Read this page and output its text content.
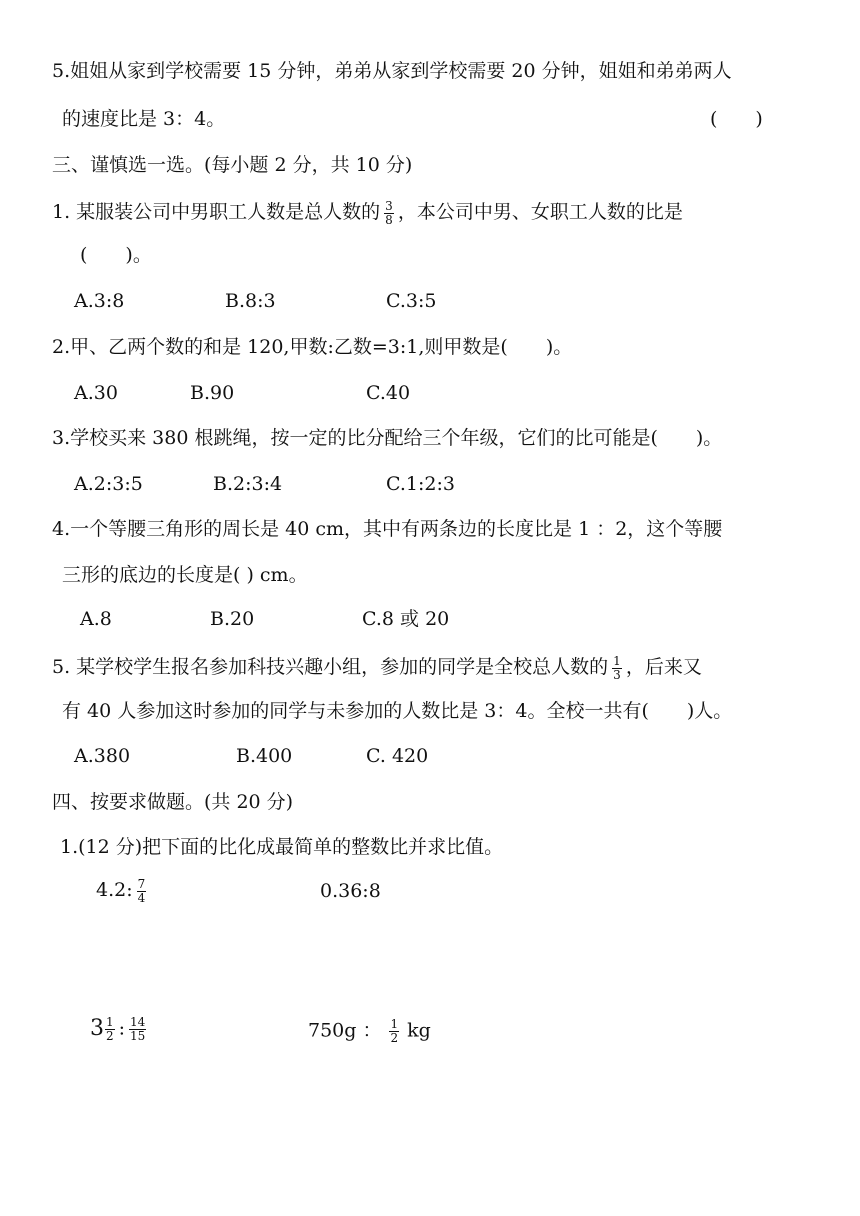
5.姐姐从家到学校需要 15 分钟，弟弟从家到学校需要 20 分钟，姐姐和弟弟两人
的速度比是 3：4。	(　　)
三、谨慎选一选。(每小题 2 分，共 10 分)
1. 某服装公司中男职工人数是总人数的 $\frac{3}{8}$ ，本公司中男、女职工人数的比是
(　　)。
A.3:8	B.8:3	C.3:5
2.甲、乙两个数的和是 120,甲数:乙数=3:1,则甲数是(　　)。
A.30	B.90	C.40
3.学校买来 380 根跳绳，按一定的比分配给三个年级，它们的比可能是(　　)。
A.2:3:5	B.2:3:4	C.1:2:3
4.一个等腰三角形的周长是 40 cm，其中有两条边的长度比是 1 ：2，这个等腰
三形的底边的长度是( ) cm。
A.8	B.20	C.8 或 20
5. 某学校学生报名参加科技兴趣小组，参加的同学是全校总人数的 $\frac{1}{3}$ ，后来又
有 40 人参加这时参加的同学与未参加的人数比是 3：4。全校一共有(　　)人。
A.380	B.400	C. 420
四、按要求做题。(共 20 分)
1.(12 分)把下面的比化成最简单的整数比并求比值。
4.2: $\frac{7}{4}$	0.36:8
$3 \frac{1}{2}$ : $\frac{14}{15}$	750g ： $\frac{1}{2}$ kg
